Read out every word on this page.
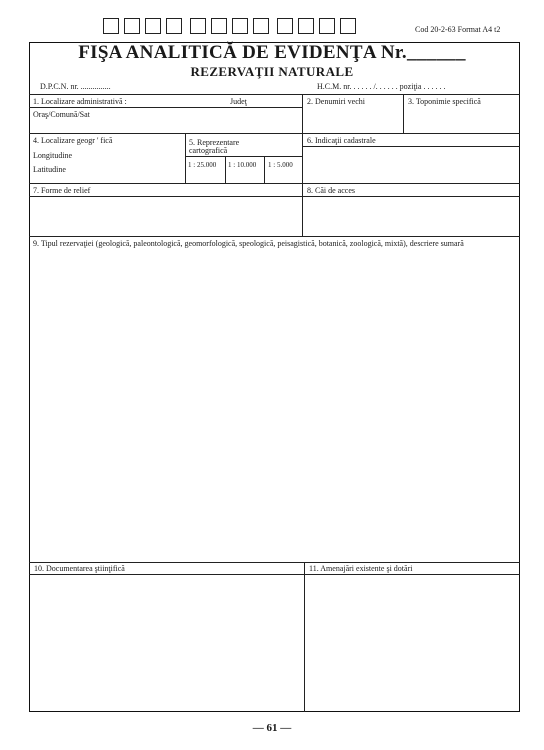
Cod 20-2-63 Format A4 t2
FIŞA ANALITICĂ DE EVIDENŢA Nr.______
REZERVAŢII NATURALE
D.P.C.N. nr. ...............	H.C.M. nr. . . . . . /. . . . . . poziţia . . . . . .
1. Localizare administrativă :	Judeţ
Oraş/Comună/Sat
2. Denumiri vechi	3. Toponimie specifică
4. Localizare geogr ' fică
Longitudine
Latitudine
5. Reprezentare
cartografică
1 : 25.000 1 : 10.000 1 : 5.000
6. Indicaţii cadastrale
7. Forme de relief	8. Căi de acces
9. Tipul rezervaţiei (geologică, paleontologică, geomorfologică, speologică, peisagistică, botanică, zoologică, mixtă), descriere sumară
10. Documentarea ştiinţifică	11. Amenajări existente şi dotări
— 61 —
